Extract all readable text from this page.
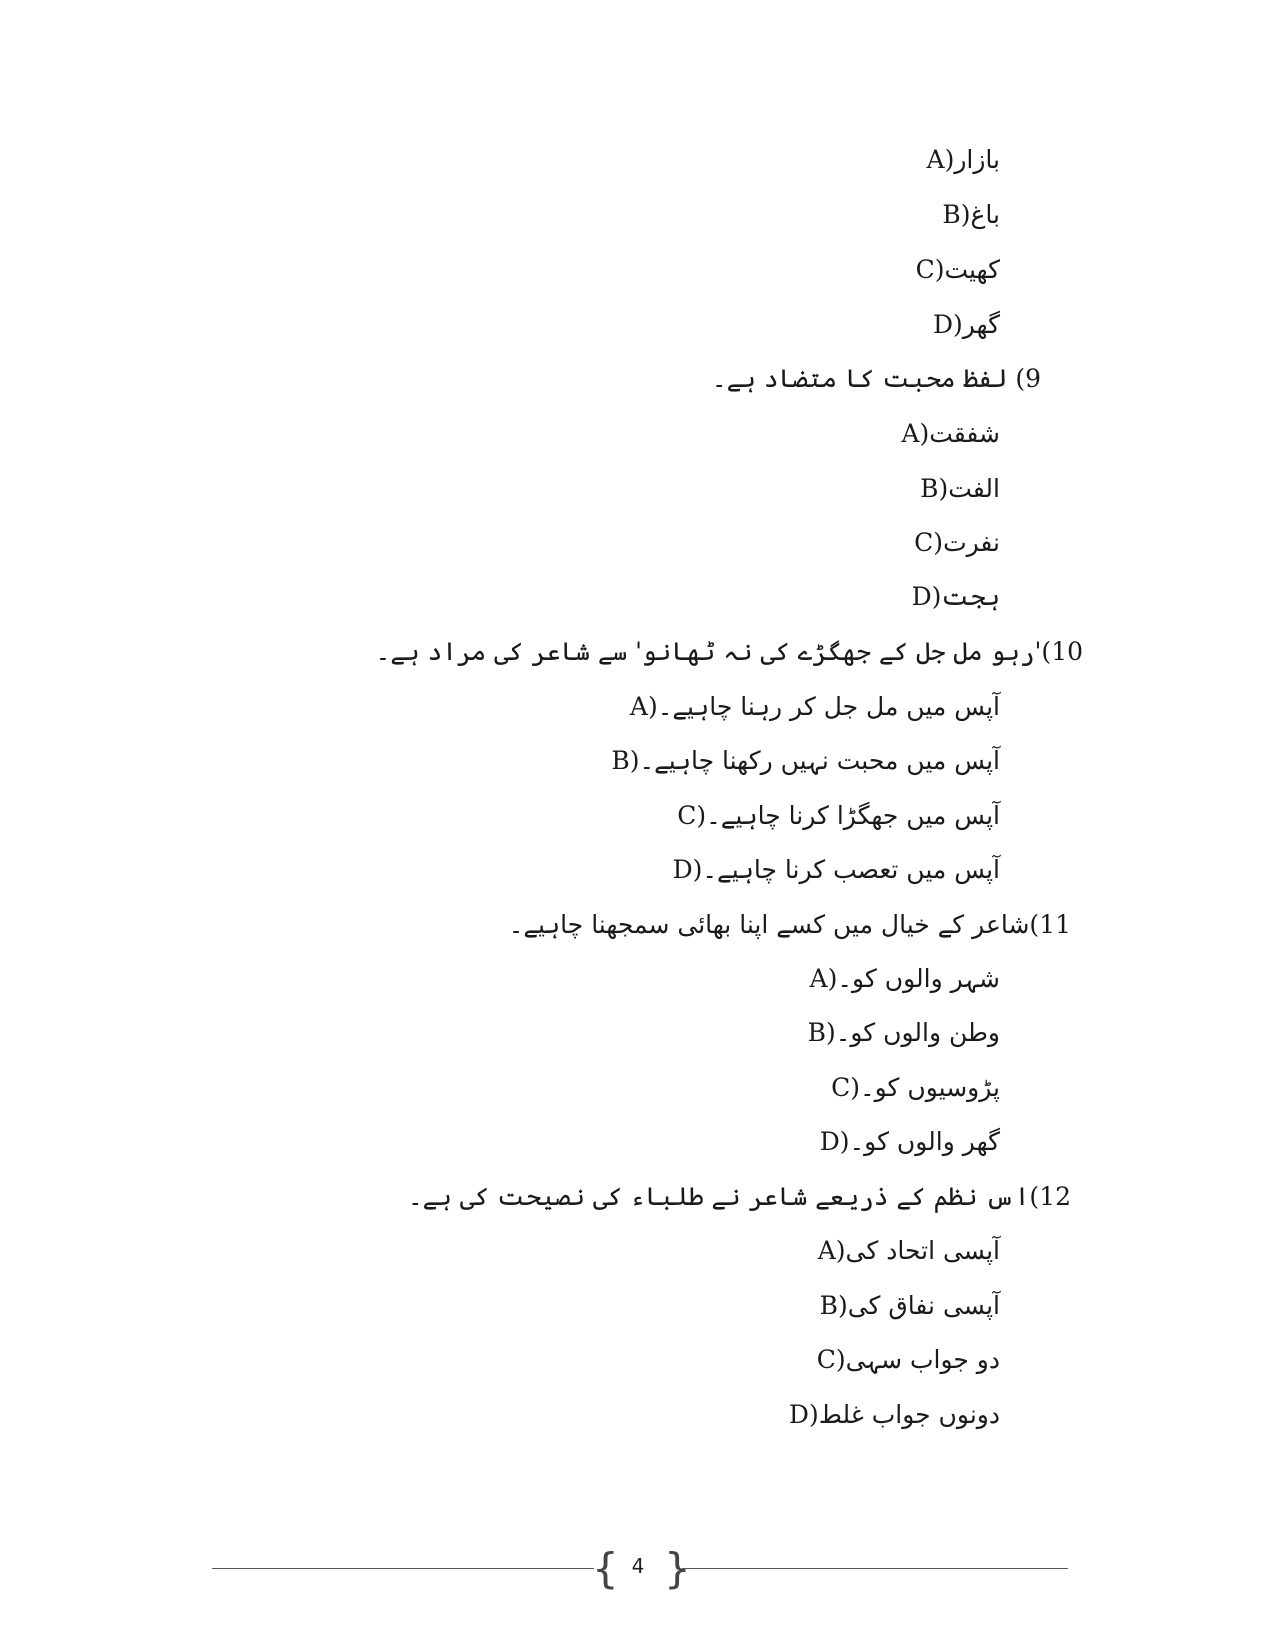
A)بازار
B)باغ
C)کھیت
D)گھر
9) لفظ محبت کا متضاد ہے۔
A)شفقت
B)الفت
C)نفرت
D)ہجت
10)'رہو مل جل کے جھگڑے کی نہ ٹھانو' سے شاعر کی مراد ہے۔
A)آپس میں مل جل کر رہنا چاہیے۔
B)آپس میں محبت نہیں رکھنا چاہیے۔
C)آپس میں جھگڑا کرنا چاہیے۔
D)آپس میں تعصب کرنا چاہیے۔
11)شاعر کے خیال میں کسے اپنا بھائی سمجھنا چاہیے۔
A)شہر والوں کو۔
B)وطن والوں کو۔
C)پڑوسیوں کو۔
D)گھر والوں کو۔
12)اس نظم کے ذریعے شاعر نے طلباء کی نصیحت کی ہے۔
A)آپسی اتحاد کی
B)آپسی نفاق کی
C)دو جواب سہی
D)دونوں جواب غلط
{ 4 }
